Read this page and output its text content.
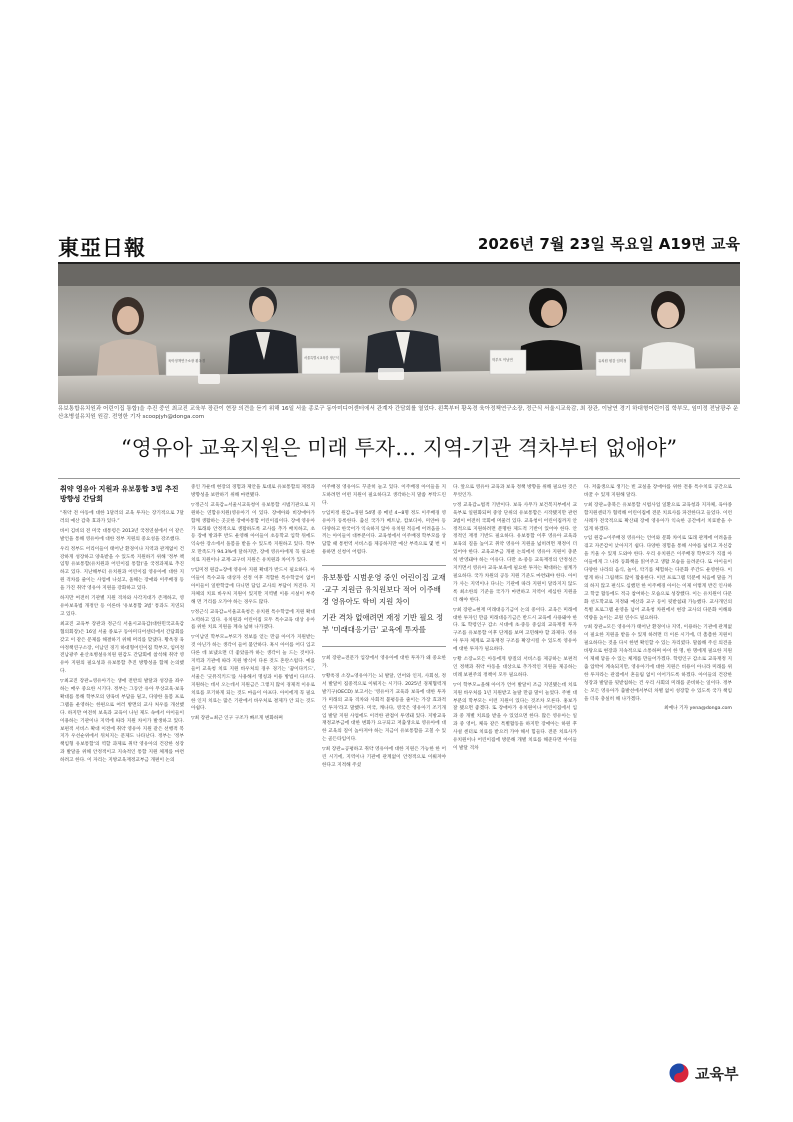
東亞日報	2026년 7월 23일 목요일 A19면 교육
육아정책연구소장 황옥경
서울특별시교육감 정근식	학부모 이남연	유치원 원감 임미정
유보통합유치원과 어린이집 통합)을 추진 중인 최교진 교육부 장관이 현장 의견을 듣기 위해 16일 서울 종로구 동아미디어센터에서 관계자 간담회를 열었다. 왼쪽부터 황옥경 육아정책연구소장, 정근식 서울시교육감, 최 장관, 이남연 경기 하대형어린이집 학부모, 임미정 전남광주 운산초병설유치원 원감. 전영한 기자 scoopjyh@donga.com
“영유아 교육지원은 미래 투자… 지역-기관 격차부터 없애야”
취약 영유아 지원과 유보통합 3법 추진 방향성 간담회

“취약 전 아동에 대한 1달러의 교육 투자는 장기적으로 7달러의 예산 감축 효과가 있다.”

바이 김비의 전 미국 대통령은 2013년 국정연설에서 이 같은 발언을 통해 영유아에 대한 정부 지원의 중요성을 강조했다.

우리 정부도 어리이들이 태어난 환경이나 지역과 관계없이 건강하게 성장하고 양육받을 수 있도록 지원하기 위해 '정부 책임형 유보통합(유치원과 어린이집 통합)'을 국정과제로 추진하고 있다. 지난해부터 유치원과 어린이집 영유아에 대한 지원 격차를 줄이는 사업에 나섰고, 올해는 장애와 이주배경 등을 가진 취약 영유아 지원을 강화하고 있다.

하지만 여전히 기관별 지원 격차와 사각지대가 존재하고, 영유아보육법 개정안 등 이른바 '유보통합 3법' 통과도 지연되고 있다.

최교진 교육부 장관과 정근식 서울시교육감(대한민국교육감협의회장)은 16일 서울 종로구 동아미디어센터에서 간담회를 갖고 이 같은 문제를 해결하기 위해 머리를 맞댔다. 황옥경 육아정책연구소장, 이남연 경기 하대형어린이집 학부모, 임미정 전남광주 운산초병설유치원 원감도 간담회에 참석해 취약 영유아 지원의 필요성과 유보통합 추진 방향성을 함께 논의했다.

▽최교진 장관=영유아기는 생애 전반의 발달과 성장을 좌우하는 매우 중요한 시기다. 정부는 그동안 유아 무상교육·보육 확대를 통해 학부모의 양육비 부담을 덜고, 다양한 돌봄 프로그램을 운영하는 한편으로 여러 방면의 교사 처우를 개선했다. 하지만 여전히 보육과 교육이 나뉜 제도 속에서 아이들이 이용하는 기관이나 지역에 따라 지원 차이가 발생하고 있다. 보편적 서비스 확대 이전에 취약 영유아 지원 같은 선행적 복지가 우선순위에서 뒤처지는 문제도 나타난다. 정부는 '정부 책임형 유보통합'의 역할 과제로 취약 영유아의 건강한 성장과 발달을 위해 안정적이고 지속적인 통합 지원 체계를 마련하려고 한다. 이 자리는 지방교육재정교부금 개편이 논의

중인 가운데 현장의 경험과 제안을 토대로 유보통합의 제정과 방향성을 보완하기 위해 마련됐다.

▽정근식 교육감=서울시교육청이 유보통합 시범기관으로 지원하는 연합유치원(영유아기 이 있다. 장애아와 비장애아가 함께 생활하는 곳곳한 장애아통합 어린이집이다. 장애 영유아가 또래와 안정적으로 생활하도록 교사를 추가 배치하고, 초등 장애 방과후 반도 운영해 아이들이 초등학교 입학 뒤에도 익숙한 장소에서 돌봄을 받을 수 있도록 지원하고 있다. 학부모 만족도가 94.3%에 달하지만, 장애 영유아에게 꼭 필요한 치료 지원이나 교재·교구비 지원은 유치원과 차이가 있다.

▽임미정 원감=장애 영유아 지원 확대가 반드시 필요하다. 아이들이 특수교육 대상자 선정 이후 적합한 특수학급이 없어 아이들이 일반학급에 다니면 담임 교사의 부담이 커진다. 지자체의 치료 바우처 지원이 있지만 지역별 이용 시설이 부족해 먼 거리를 오가야 하는 경우도 많다.

▽정근식 교육감=서울교육청은 유치원 특수학급에 지원 확대 노력하고 있다. 유치원과 어린이집 모두 특수교육 대상 유아를 위한 치료 지원을 계속 넓혀 나가겠다.

▽이남연 학부모=부모가 정보를 얻는 만큼 아이가 지원받는 것 아닌가 하는 생각이 들어 불안하다. 혹시 아이를 어디 입고 다른 데 보냈으면 더 좋았을까 하는 생각이 늘 드는 것이다. 지역과 기관에 따라 지원 방식이 다른 것도 혼란스럽다. 예를 들어 교육청 치료 지원 바우처의 경우 경기는 '꿈이다키드', 서울은 '굿뮤직키드'를 사용해서 명칭과 이용 방법이 다르다. 지원하는 데서 오는데서 지원금은 그렇지 많이 경제적 이유로 치료를 포기하게 되는 것도 마음이 아프다. 아이에게 꼭 필요한 인지 치료는 많은 기관에서 바우처로 결제가 안 되는 것도 아쉽다.

▽최 장관=최근 인구 구조가 빠르게 변화하며

이주배경 영유아도 꾸준히 늘고 있다. 이주배경 아이들을 지도하려면 어떤 지원이 필요하다고 생각하는지 말씀 부탁드린다.

▽임미정 원감=경원 54명 중 매년 4~8명 정도 이주배경 영유아가 등록한다. 출신 국가가 베트남, 캄보디아, 미얀마 등 다양하고 한국어가 익숙하지 않아 유치원 적응에 어려움을 느끼는 아이들이 대부분이다. 교육청에서 이주배경 학부모를 상담할 때 통번역 서비스를 제공하지만 예산 부족으로 몇 번 이용하면 신청이 어렵다.

유보통합 시범운영 중인 어린이집 교재·교구 지원금 유치원보다 적어 이주배경 영유아도 학비 지원 차이
기관 격차 없애려면 재정 기반 필요 정부 '미래대응기금' 교육에 투자를

▽최 장관=전문가 입장에서 영유아에 대한 투자가 왜 중요한가.

▽황옥경 소장=영유아기는 뇌 발달, 언어와 인지, 사회성, 정서 발달이 집중적으로 이뤄지는 시기다. 2025년 경제협력개발기구(OECD) 보고서는 '영유아기 교육과 보육에 대한 투자가 미래의 교육 격차와 사회적 불평등을 줄이는 가장 효과적인 투자'라고 말했다. 미국, 캐나다, 영국은 영유아기 조기개입 발달 지원 사업에도 이러한 관점이 투영돼 있다. 지방교육재정교부금에 대한 변화가 요구되고 저출생으로 영유아에 대한 교육의 질이 높아져야 하는 지금이 유보통합을 고칠 수 있는 골든타임이다.

▽최 장관=공평하고 취약 영유아에 대한 지원은 가능한 한 어린 시기에, 지역이나 기관에 관계없이 안정적으로 이뤄져야 한다고 지적해 주셨

다. 앞으로 영유아 교육과 보육 정책 방향을 위해 필요한 것은 무엇인가.

▽정 교육감=법적 기반이다. 보육 사무가 보건복지부에서 교육부로 일원화되며 중앙 단위의 유보통합은 시작됐지만 관련 3법이 여전히 국회에 머물러 있다. 교육청이 어린이집까지 안정적으로 지원하려면 분명한 제도적 기반이 있어야 한다. 안정적인 재정 기반도 필요하다. 유보통합 이후 영유아 교육과 보육의 질을 높이고 취약 영유아 지원을 넓히려면 재정이 더 있어야 한다. 교육교부금 개편 논의에서 영유아 지원이 충분히 반영돼야 하는 이유다. 다만 초·중등 교육재정의 안정성은 지키면서 영유아 교육·보육에 필요한 투자는 확대하는 설계가 필요하다. 국가 차원의 공동 지원 기준도 마련돼야 한다. 아이가 사는 지역이나 다니는 기관에 따라 지원이 달라지지 않도록 최소한의 기준을 국가가 마련하고 지역이 세심한 지원을 더 해야 한다.

▽최 장관=현재 미래대응기금이 논의 중이다. 교육은 미래에 대한 투자인 만큼 미래대응기금은 반드시 교육에 사용돼야 한다. 또 학령인구 감소 시대에 초·중등 중심의 교육재정 투자 구조를 유보통합 이후 단계를 보며 고민해야 할 과제다. 영유아 투자 체계로 교육재정 구조를 확장시킬 수 있도록 영유아에 대한 투자가 필요하다.

▽황 소장=모든 아동에게 양질의 서비스를 제공하는 보편적인 정책과 취약 아동을 대상으로 추가적인 지원을 제공하는 비례 보편주의 정책이 모두 필요하다.

▽이 학부모=올해 아이가 언어 발달이 조금 지연됐는데 치료 지원 바우처를 1년 지원받고 놀랄 만큼 말이 늘었다. 주변 대부분의 학부모는 이런 지원이 있다는 것조차 모른다. 홍보가 잘 됐으면 좋겠다. 또 장애아가 유치원이나 어린이집에서 입과 중 개별 치료를 받을 수 있었으면 한다. 많은 영유아는 일과 중 영어, 체육 같은 특별활동을 하지만 장애아는 하원 후 사설 센터로 치료를 받으러 가야 해서 힘들다. 전문 치료사가 유치원이나 어린이집에 방문해 개별 치료를 해준다면 아이들이 발달 격차

다. 저출생으로 생기는 빈 교실을 장애아를 위한 전용 특수치료 공간으로 바꿀 수 있게 지원해 달라.

▽최 장관=충북은 유보통합 시범사업 일환으로 교육청과 지자체, 육아종합지원센터가 협력해 어린이집에 전문 치료사를 파견한다고 들었다. 이런 사례가 전국적으로 확산돼 장애 영유아가 익숙한 공간에서 치료받을 수 있게 하겠다.

▽임 원감=이주배경 영유아는 언어와 문화 차이로 또래 관계에 어려움을 겪고 자존감이 낮아지기 쉽다. 다양한 경험을 통해 시야를 넓히고 자신감을 키울 수 있게 도와야 한다. 우리 유치원은 이주배경 학부모가 직접 아이들에게 그 나라 동화책을 읽어주고 생활 모습을 들려준다. 또 아이들이 다양한 나라의 음식, 놀이, 악기를 체험하는 다문화 주간도 운영한다. 이렇게 하니 그림책도 많이 활용한다. 이런 프로그램 덕분에 처음에 말을 거의 하지 않고 편식도 심했던 한 이주배경 아이는 이제 이렇게 반긴 인사하고 학급 활동에도 적극 참여하는 모습으로 성장했다. 이는 유치원이 다문화 선도학교로 지정돼 예산과 교구 등이 뒷받침돼 가능했다. 교사개인의 특별 프로그램 운영을 넘어 교육청 차원에서 현장 교사의 다문화 이해와 역량을 높이는 교원 연수도 필요하다.

▽최 장관=모든 영유아가 태어난 환경이나 지역, 이용하는 기관에 관계없이 필요한 지원을 받을 수 있게 하려면 더 이른 시기에, 더 촘촘한 지원이 필요하다는 것을 다시 한번 확인할 수 있는 자리였다. 말씀해 주신 의견을 바탕으로 현장과 지속적으로 소통하며 아이 한 명, 한 명에게 필요한 지원이 제때 닿을 수 있는 체계를 만들어가겠다. 학령인구 감소로 교육재정 지출 압박이 계속되지만, 영유아기에 대한 지원은 비용이 아니라 미래를 위한 투자라는 관점에서 흔들림 없이 이어가도록 하겠다. 아이들의 건강한 성장과 발달을 뒷받침하는 건 우리 사회의 미래를 준비하는 일이다. 정부는 모든 영유아가 출발선에서부터 차별 없이 성장할 수 있도록 국가 책임을 더욱 충실히 해 나가겠다.

최예나 기자 yena@donga.com
교육부
